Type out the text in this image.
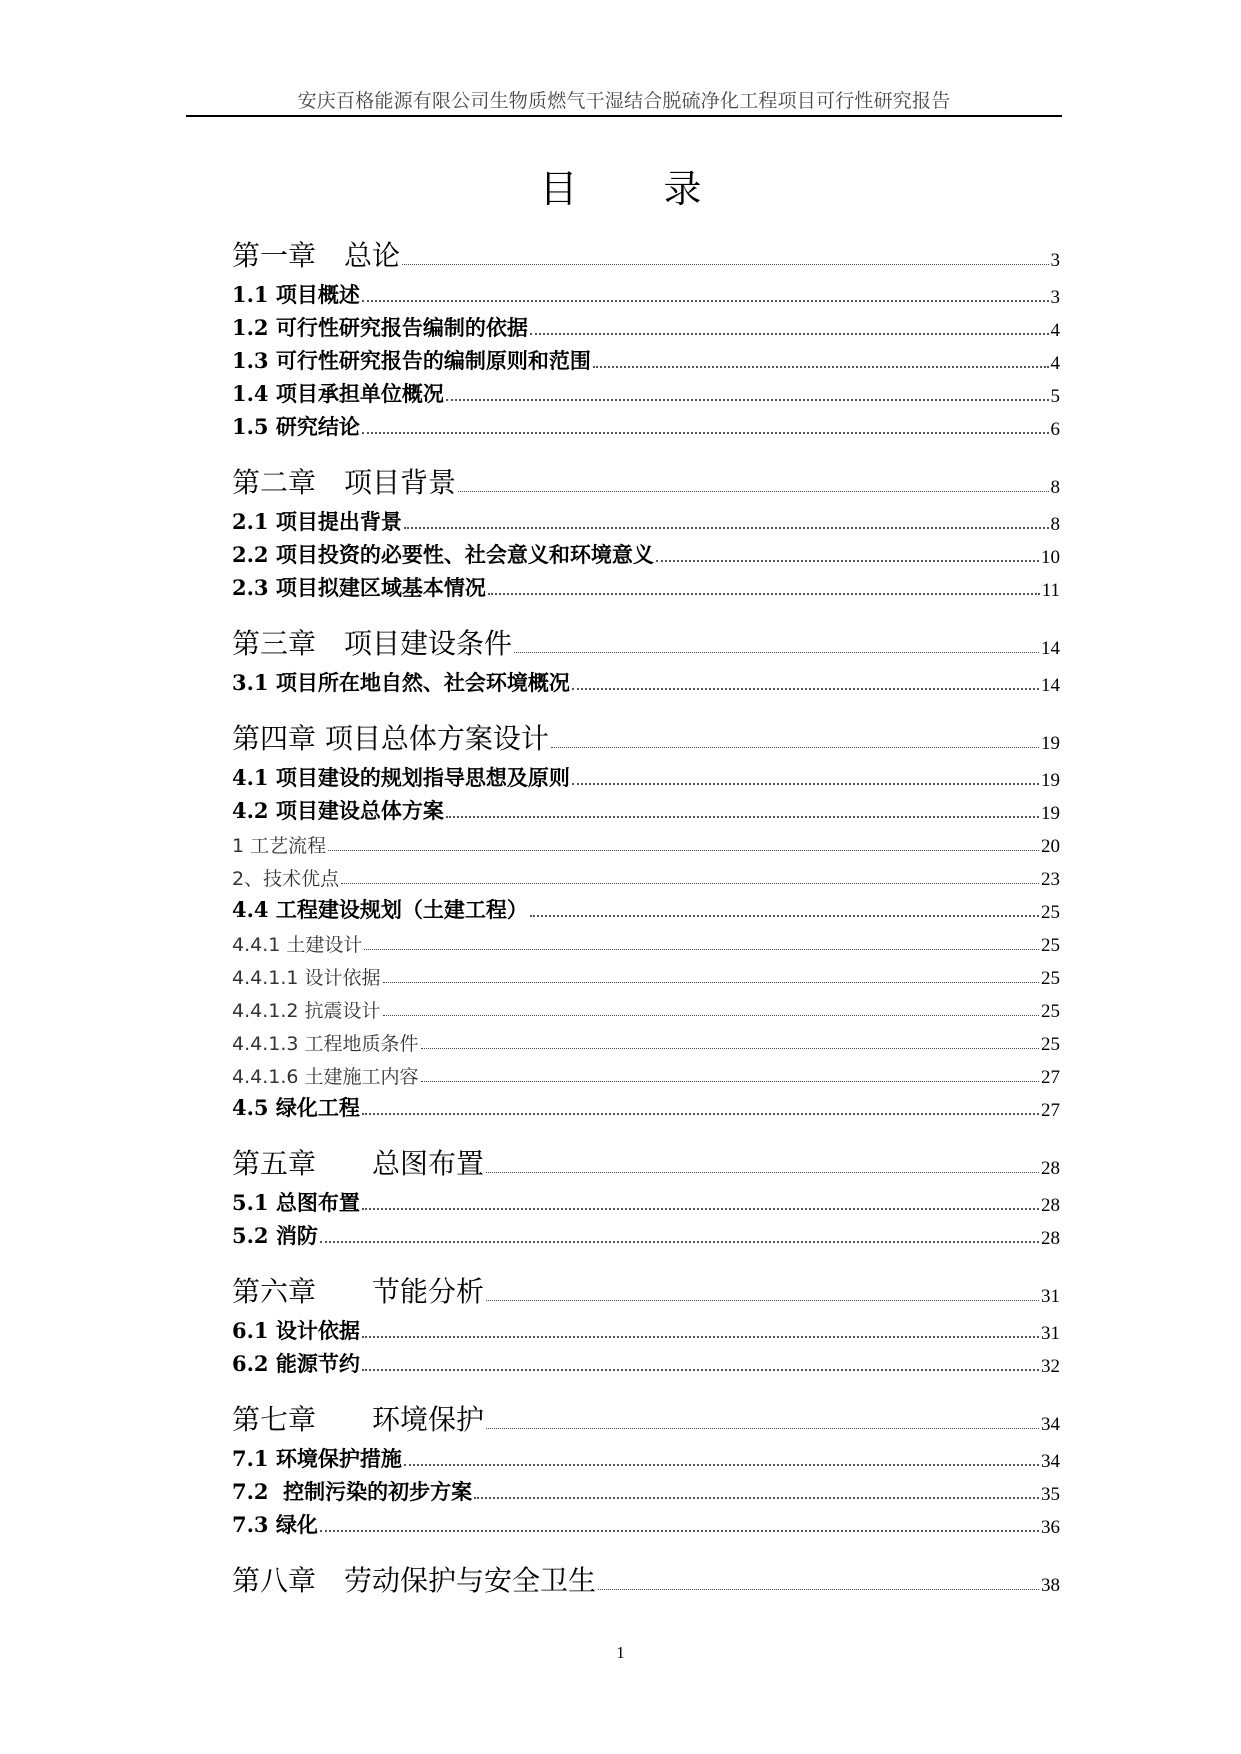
安庆百格能源有限公司生物质燃气干湿结合脱硫净化工程项目可行性研究报告
目录
第一章　总论	3
1.1 项目概述	3
1.2 可行性研究报告编制的依据	4
1.3 可行性研究报告的编制原则和范围	4
1.4 项目承担单位概况	5
1.5 研究结论	6
第二章　项目背景	8
2.1 项目提出背景	8
2.2 项目投资的必要性、社会意义和环境意义	10
2.3 项目拟建区域基本情况	11
第三章　项目建设条件	14
3.1 项目所在地自然、社会环境概况	14
第四章 项目总体方案设计	19
4.1 项目建设的规划指导思想及原则	19
4.2 项目建设总体方案	19
1 工艺流程	20
2、技术优点	23
4.4 工程建设规划（土建工程）	25
4.4.1 土建设计	25
4.4.1.1 设计依据	25
4.4.1.2 抗震设计	25
4.4.1.3 工程地质条件	25
4.4.1.6 土建施工内容	27
4.5 绿化工程	27
第五章　　总图布置	28
5.1 总图布置	28
5.2 消防	28
第六章　　节能分析	31
6.1 设计依据	31
6.2 能源节约	32
第七章　　环境保护	34
7.1 环境保护措施	34
7.2  控制污染的初步方案	35
7.3 绿化	36
第八章　劳动保护与安全卫生	38
1
